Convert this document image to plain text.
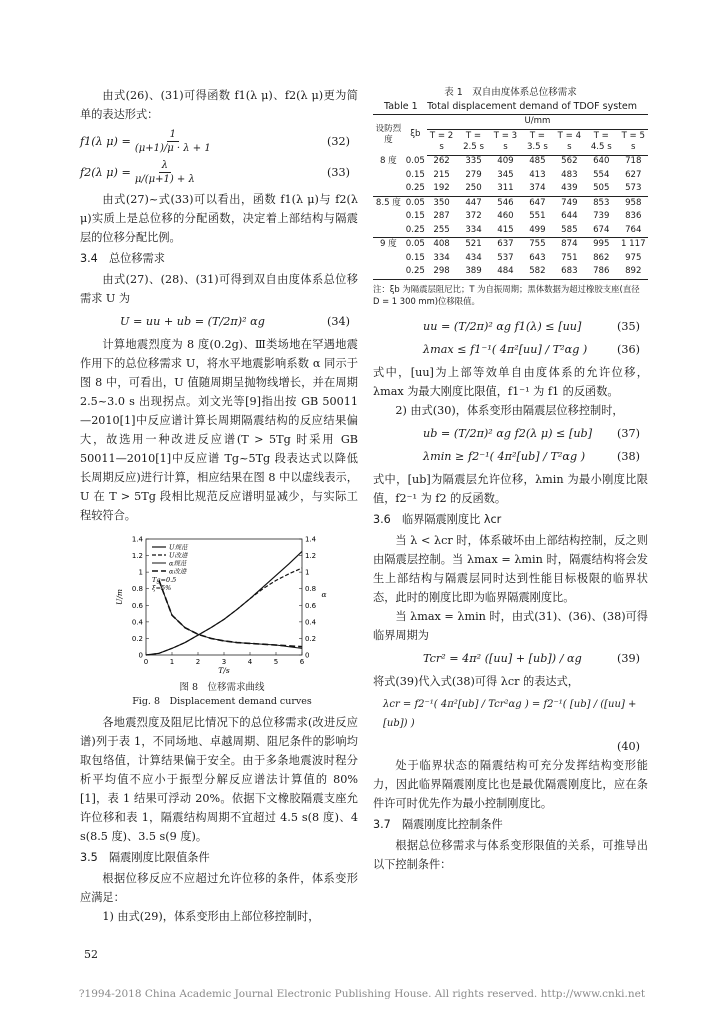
由式(26)、(31)可得函数 f1(λ μ)、f2(λ μ)更为简单的表达形式：

f1(λ $\mu) = \frac{1}{(\mu+1)/\mu \cdot \lambda + 1}$	(32)
f2(λ $\mu) = \frac{\lambda}{\mu/(\mu+1) + \lambda}$	(33)

由式(27)~式(33)可以看出，函数 f1(λ μ)与 f2(λ μ)实质上是总位移的分配函数，决定着上部结构与隔震层的位移分配比例。

3.4　总位移需求

由式(27)、(28)、(31)可得到双自由度体系总位移需求 U 为

U = uu + ub = (T/2π)² αg	(34)

计算地震烈度为 8 度(0.2g)、Ⅲ类场地在罕遇地震作用下的总位移需求 U，将水平地震影响系数 α 同示于图 8 中，可看出，U 值随周期呈抛物线增长，并在周期 2.5~3.0 s 出现拐点。刘文光等[9]指出按 GB 50011—2010[1]中反应谱计算长周期隔震结构的反应结果偏大，故选用一种改进反应谱(T > 5Tg 时采用 GB 50011—2010[1]中反应谱 Tg~5Tg 段表达式以降低长周期反应)进行计算，相应结果在图 8 中以虚线表示，U 在 T > 5Tg 段相比规范反应谱明显减少，与实际工程较符合。

0	1	2	3	4	5	6
0	0
0.2	0.2
0.4	0.4
0.6	0.6
0.8	0.8
1	1
1.2	1.2
1.4	1.4
T/s
U/m	α
U规范
U改进
α规范
α改进
Tg=0.5
ξ=5%
图 8　位移需求曲线
Fig. 8　Displacement demand curves

各地震烈度及阻尼比情况下的总位移需求(改进反应谱)列于表 1，不同场地、卓越周期、阻尼条件的影响均取包络值，计算结果偏于安全。由于多条地震波时程分析平均值不应小于振型分解反应谱法计算值的 80%[1]，表 1 结果可浮动 20%。依据下文橡胶隔震支座允许位移和表 1，隔震结构周期不宜超过 4.5 s(8 度)、4 s(8.5 度)、3.5 s(9 度)。

3.5　隔震刚度比限值条件

根据位移反应不应超过允许位移的条件，体系变形应满足：

1) 由式(29)，体系变形由上部位移控制时，

表 1　双自由度体系总位移需求
Table 1　Total displacement demand of TDOF system
设防烈度	ξb	U/mm						
		T = 2 s	T = 2.5 s	T = 3 s	T = 3.5 s	T = 4 s	T = 4.5 s	T = 5 s

8 度	0.05	262	335	409	485	562	640	718
	0.15	215	279	345	413	483	554	627
	0.25	192	250	311	374	439	505	573
8.5 度	0.05	350	447	546	647	749	853	958
	0.15	287	372	460	551	644	739	836
	0.25	255	334	415	499	585	674	764
9 度	0.05	408	521	637	755	874	995	1 117
	0.15	334	434	537	643	751	862	975
	0.25	298	389	484	582	683	786	892
注：ξb 为隔震层阻尼比；T 为自振周期；黑体数据为超过橡胶支座(直径 D = 1 300 mm)位移限值。
uu = (T/2π)² αg f1(λ) ≤ [uu]	(35)
λmax ≤ f1⁻¹( 4π²[uu] / T²αg )	(36)

式中，[uu]为上部等效单自由度体系的允许位移，λmax 为最大刚度比限值，f1⁻¹ 为 f1 的反函数。

2) 由式(30)，体系变形由隔震层位移控制时，

ub = (T/2π)² αg f2(λ μ) ≤ [ub] (37)
λmin ≥ f2⁻¹( 4π²[ub] / T²αg )	(38)

式中，[ub]为隔震层允许位移，λmin 为最小刚度比限值，f2⁻¹ 为 f2 的反函数。

3.6　临界隔震刚度比 λcr

当 λ < λcr 时，体系破坏由上部结构控制，反之则由隔震层控制。当 λmax = λmin 时，隔震结构将会发生上部结构与隔震层同时达到性能目标极限的临界状态，此时的刚度比即为临界隔震刚度比。

当 λmax = λmin 时，由式(31)、(36)、(38)可得临界周期为

Tcr² = 4π² ([uu] + [ub]) / αg	(39)

将式(39)代入式(38)可得 λcr 的表达式，

λcr = f2⁻¹( 4π²[ub] / Tcr²αg ) = f2⁻¹( [ub] / ([uu] + [ub]) )
(40)

处于临界状态的隔震结构可充分发挥结构变形能力，因此临界隔震刚度比也是最优隔震刚度比，应在条件许可时优先作为最小控制刚度比。

3.7　隔震刚度比控制条件

根据总位移需求与体系变形限值的关系，可推导出以下控制条件：

52
?1994-2018 China Academic Journal Electronic Publishing House. All rights reserved. http://www.cnki.net
